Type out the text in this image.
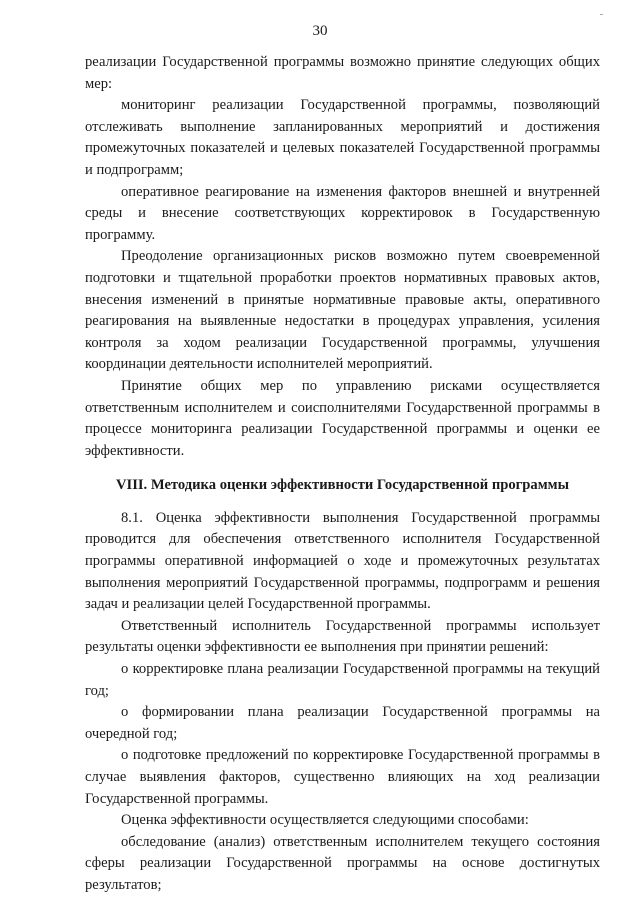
30

реализации Государственной программы возможно принятие следующих общих мер:

мониторинг реализации Государственной программы, позволяющий отслеживать выполнение запланированных мероприятий и достижения промежуточных показателей и целевых показателей Государственной программы и подпрограмм;

оперативное реагирование на изменения факторов внешней и внутренней среды и внесение соответствующих корректировок в Государственную программу.

Преодоление организационных рисков возможно путем своевременной подготовки и тщательной проработки проектов нормативных правовых актов, внесения изменений в принятые нормативные правовые акты, оперативного реагирования на выявленные недостатки в процедурах управления, усиления контроля за ходом реализации Государственной программы, улучшения координации деятельности исполнителей мероприятий.

Принятие общих мер по управлению рисками осуществляется ответственным исполнителем и соисполнителями Государственной программы в процессе мониторинга реализации Государственной программы и оценки ее эффективности.

VIII. Методика оценки эффективности Государственной программы

8.1. Оценка эффективности выполнения Государственной программы проводится для обеспечения ответственного исполнителя Государственной программы оперативной информацией о ходе и промежуточных результатах выполнения мероприятий Государственной программы, подпрограмм и решения задач и реализации целей Государственной программы.

Ответственный исполнитель Государственной программы использует результаты оценки эффективности ее выполнения при принятии решений:

о корректировке плана реализации Государственной программы на текущий год;

о формировании плана реализации Государственной программы на очередной год;

о подготовке предложений по корректировке Государственной программы в случае выявления факторов, существенно влияющих на ход реализации Государственной программы.

Оценка эффективности осуществляется следующими способами:

обследование (анализ) ответственным исполнителем текущего состояния сферы реализации Государственной программы на основе достигнутых результатов;
